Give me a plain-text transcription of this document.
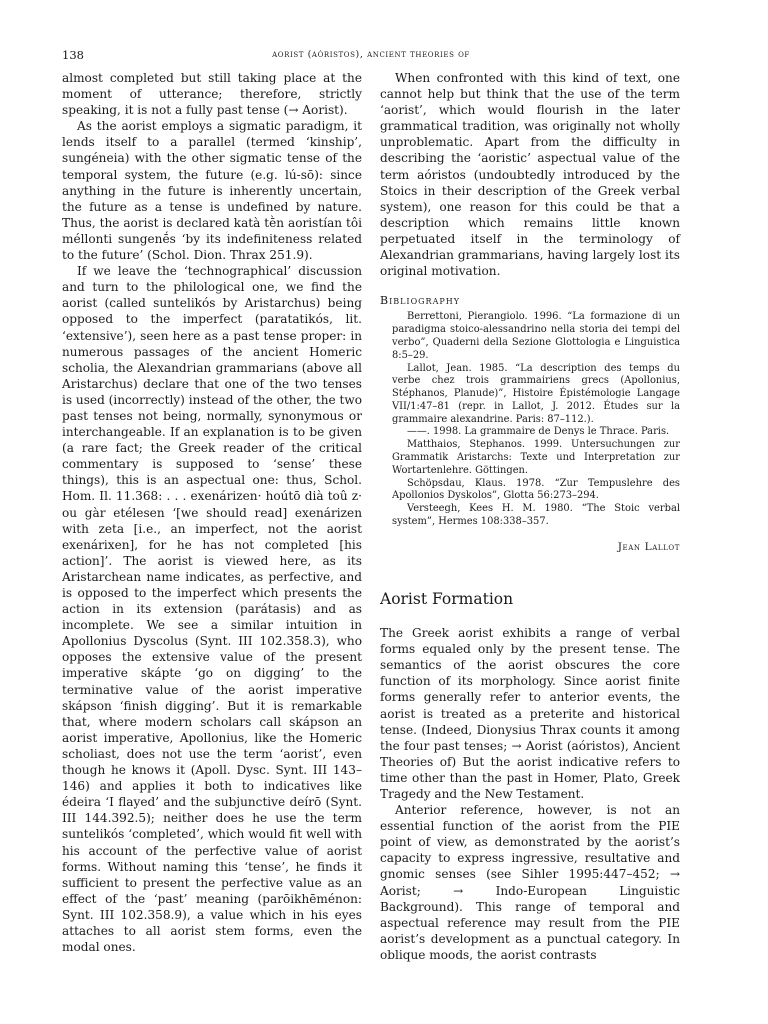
138	aorist (aóristos), ancient theories of

almost completed but still taking place at the moment of utterance; therefore, strictly speaking, it is not a fully past tense (→ Aorist).

As the aorist employs a sigmatic paradigm, it lends itself to a parallel (termed ‘kinship’, sungéneia) with the other sigmatic tense of the temporal system, the future (e.g. lú-sō): since anything in the future is inherently uncertain, the future as a tense is undefined by nature. Thus, the aorist is declared katà tḕn aoristían tôi méllonti sungenḗs ‘by its indefiniteness related to the future’ (Schol. Dion. Thrax 251.9).

If we leave the ‘technographical’ discussion and turn to the philological one, we find the aorist (called suntelikós by Aristarchus) being opposed to the imperfect (paratatikós, lit. ‘extensive’), seen here as a past tense proper: in numerous passages of the ancient Homeric scholia, the Alexandrian grammarians (above all Aristarchus) declare that one of the two tenses is used (incorrectly) instead of the other, the two past tenses not being, normally, synonymous or interchangeable. If an explanation is to be given (a rare fact; the Greek reader of the critical commentary is supposed to ‘sense’ these things), this is an aspectual one: thus, Schol. Hom. Il. 11.368: . . . exenárizen· hoútō dià toû z· ou gàr etélesen ‘[we should read] exenárizen with zeta [i.e., an imperfect, not the aorist exenárixen], for he has not completed [his action]’. The aorist is viewed here, as its Aristarchean name indicates, as perfective, and is opposed to the imperfect which presents the action in its extension (parátasis) and as incomplete. We see a similar intuition in Apollonius Dyscolus (Synt. III 102.358.3), who opposes the extensive value of the present imperative skápte ‘go on digging’ to the terminative value of the aorist imperative skápson ‘finish digging’. But it is remarkable that, where modern scholars call skápson an aorist imperative, Apollonius, like the Homeric scholiast, does not use the term ‘aorist’, even though he knows it (Apoll. Dysc. Synt. III 143–146) and applies it both to indicatives like édeira ‘I flayed’ and the subjunctive deírō (Synt. III 144.392.5); neither does he use the term suntelikós ‘completed’, which would fit well with his account of the perfective value of aorist forms. Without naming this ‘tense’, he finds it sufficient to present the perfective value as an effect of the ‘past’ meaning (parōikhēménon: Synt. III 102.358.9), a value which in his eyes attaches to all aorist stem forms, even the modal ones.

When confronted with this kind of text, one cannot help but think that the use of the term ‘aorist’, which would flourish in the later grammatical tradition, was originally not wholly unproblematic. Apart from the difficulty in describing the ‘aoristic’ aspectual value of the term aóristos (undoubtedly introduced by the Stoics in their description of the Greek verbal system), one reason for this could be that a description which remains little known perpetuated itself in the terminology of Alexandrian grammarians, having largely lost its original motivation.

Bibliography

Berrettoni, Pierangiolo. 1996. “La formazione di un paradigma stoico-alessandrino nella storia dei tempi del verbo”, Quaderni della Sezione Glottologia e Linguistica 8:5–29.

Lallot, Jean. 1985. “La description des temps du verbe chez trois grammairiens grecs (Apollonius, Stéphanos, Planude)”, Histoire Épistémologie Langage VII/1:47–81 (repr. in Lallot, J. 2012. Études sur la grammaire alexandrine. Paris: 87–112.).

——. 1998. La grammaire de Denys le Thrace. Paris.

Matthaios, Stephanos. 1999. Untersuchungen zur Grammatik Aristarchs: Texte und Interpretation zur Wortartenlehre. Göttingen.

Schöpsdau, Klaus. 1978. “Zur Tempuslehre des Apollonios Dyskolos”, Glotta 56:273–294.

Versteegh, Kees H. M. 1980. “The Stoic verbal system”, Hermes 108:338–357.

Jean Lallot
Aorist Formation

The Greek aorist exhibits a range of verbal forms equaled only by the present tense. The semantics of the aorist obscures the core function of its morphology. Since aorist finite forms generally refer to anterior events, the aorist is treated as a preterite and historical tense. (Indeed, Dionysius Thrax counts it among the four past tenses; → Aorist (aóristos), Ancient Theories of) But the aorist indicative refers to time other than the past in Homer, Plato, Greek Tragedy and the New Testament.

Anterior reference, however, is not an essential function of the aorist from the PIE point of view, as demonstrated by the aorist’s capacity to express ingressive, resultative and gnomic senses (see Sihler 1995:447–452; → Aorist; → Indo-European Linguistic Background). This range of temporal and aspectual reference may result from the PIE aorist’s development as a punctual category. In oblique moods, the aorist contrasts
